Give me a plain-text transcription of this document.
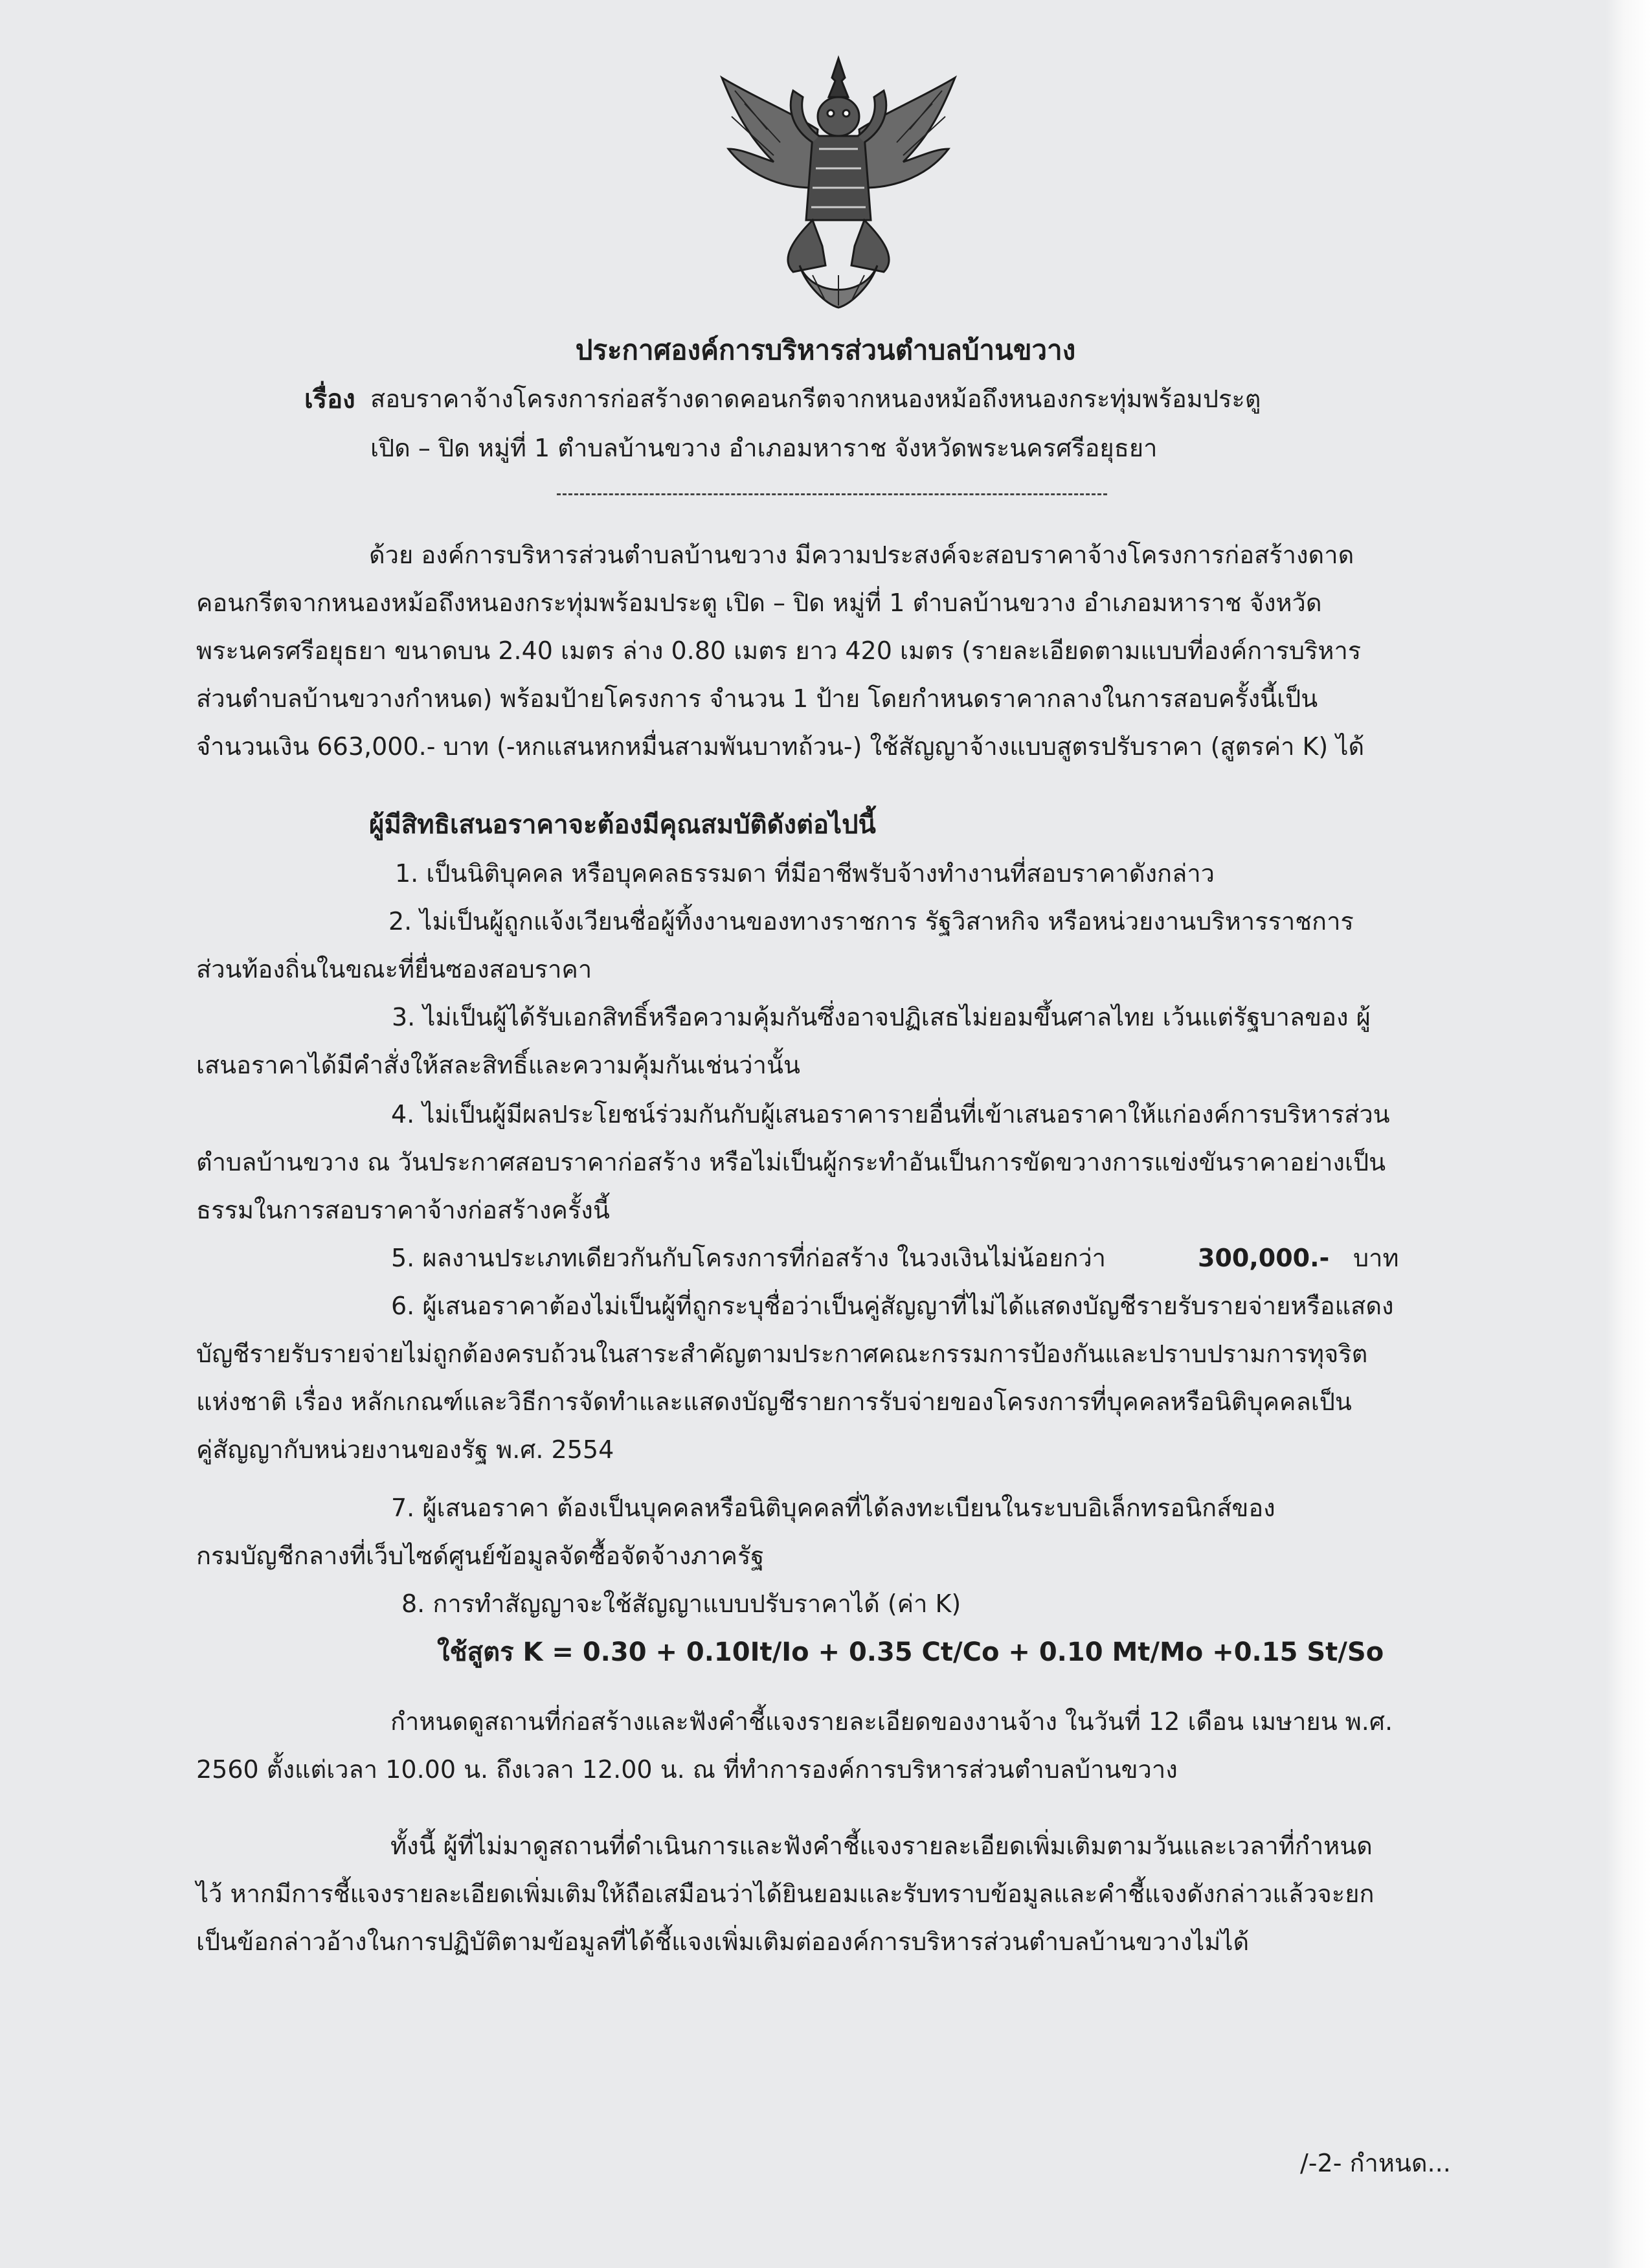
ประกาศองค์การบริหารส่วนตำบลบ้านขวาง
เรื่อง สอบราคาจ้างโครงการก่อสร้างดาดคอนกรีตจากหนองหม้อถึงหนองกระทุ่มพร้อมประตู
เปิด – ปิด หมู่ที่ 1 ตำบลบ้านขวาง อำเภอมหาราช จังหวัดพระนครศรีอยุธยา
ด้วย องค์การบริหารส่วนตำบลบ้านขวาง มีความประสงค์จะสอบราคาจ้างโครงการก่อสร้างดาด
คอนกรีตจากหนองหม้อถึงหนองกระทุ่มพร้อมประตู เปิด – ปิด หมู่ที่ 1 ตำบลบ้านขวาง อำเภอมหาราช จังหวัด
พระนครศรีอยุธยา ขนาดบน 2.40 เมตร ล่าง 0.80 เมตร ยาว 420 เมตร (รายละเอียดตามแบบที่องค์การบริหาร
ส่วนตำบลบ้านขวางกำหนด) พร้อมป้ายโครงการ จำนวน 1 ป้าย โดยกำหนดราคากลางในการสอบครั้งนี้เป็น
จำนวนเงิน 663,000.- บาท (-หกแสนหกหมื่นสามพันบาทถ้วน-) ใช้สัญญาจ้างแบบสูตรปรับราคา (สูตรค่า K) ได้
ผู้มีสิทธิเสนอราคาจะต้องมีคุณสมบัติดังต่อไปนี้
1. เป็นนิติบุคคล หรือบุคคลธรรมดา ที่มีอาชีพรับจ้างทำงานที่สอบราคาดังกล่าว
2. ไม่เป็นผู้ถูกแจ้งเวียนชื่อผู้ทิ้งงานของทางราชการ รัฐวิสาหกิจ หรือหน่วยงานบริหารราชการ
ส่วนท้องถิ่นในขณะที่ยื่นซองสอบราคา
3. ไม่เป็นผู้ได้รับเอกสิทธิ์หรือความคุ้มกันซึ่งอาจปฏิเสธไม่ยอมขึ้นศาลไทย เว้นแต่รัฐบาลของ ผู้
เสนอราคาได้มีคำสั่งให้สละสิทธิ์และความคุ้มกันเช่นว่านั้น
4. ไม่เป็นผู้มีผลประโยชน์ร่วมกันกับผู้เสนอราคารายอื่นที่เข้าเสนอราคาให้แก่องค์การบริหารส่วน
ตำบลบ้านขวาง ณ วันประกาศสอบราคาก่อสร้าง หรือไม่เป็นผู้กระทำอันเป็นการขัดขวางการแข่งขันราคาอย่างเป็น
ธรรมในการสอบราคาจ้างก่อสร้างครั้งนี้
5. ผลงานประเภทเดียวกันกับโครงการที่ก่อสร้าง ในวงเงินไม่น้อยกว่า	300,000.- บาท
6. ผู้เสนอราคาต้องไม่เป็นผู้ที่ถูกระบุชื่อว่าเป็นคู่สัญญาที่ไม่ได้แสดงบัญชีรายรับรายจ่ายหรือแสดง
บัญชีรายรับรายจ่ายไม่ถูกต้องครบถ้วนในสาระสำคัญตามประกาศคณะกรรมการป้องกันและปราบปรามการทุจริต
แห่งชาติ เรื่อง หลักเกณฑ์และวิธีการจัดทำและแสดงบัญชีรายการรับจ่ายของโครงการที่บุคคลหรือนิติบุคคลเป็น
คู่สัญญากับหน่วยงานของรัฐ พ.ศ. 2554
7. ผู้เสนอราคา ต้องเป็นบุคคลหรือนิติบุคคลที่ได้ลงทะเบียนในระบบอิเล็กทรอนิกส์ของ
กรมบัญชีกลางที่เว็บไซด์ศูนย์ข้อมูลจัดซื้อจัดจ้างภาครัฐ
8. การทำสัญญาจะใช้สัญญาแบบปรับราคาได้ (ค่า K)
ใช้สูตร K = 0.30 + 0.10It/Io + 0.35 Ct/Co + 0.10 Mt/Mo +0.15 St/So
กำหนดดูสถานที่ก่อสร้างและฟังคำชี้แจงรายละเอียดของงานจ้าง ในวันที่ 12 เดือน เมษายน พ.ศ.
2560 ตั้งแต่เวลา 10.00 น. ถึงเวลา 12.00 น. ณ ที่ทำการองค์การบริหารส่วนตำบลบ้านขวาง
ทั้งนี้ ผู้ที่ไม่มาดูสถานที่ดำเนินการและฟังคำชี้แจงรายละเอียดเพิ่มเติมตามวันและเวลาที่กำหนด
ไว้ หากมีการชี้แจงรายละเอียดเพิ่มเติมให้ถือเสมือนว่าได้ยินยอมและรับทราบข้อมูลและคำชี้แจงดังกล่าวแล้วจะยก
เป็นข้อกล่าวอ้างในการปฏิบัติตามข้อมูลที่ได้ชี้แจงเพิ่มเติมต่อองค์การบริหารส่วนตำบลบ้านขวางไม่ได้
/-2- กำหนด...
